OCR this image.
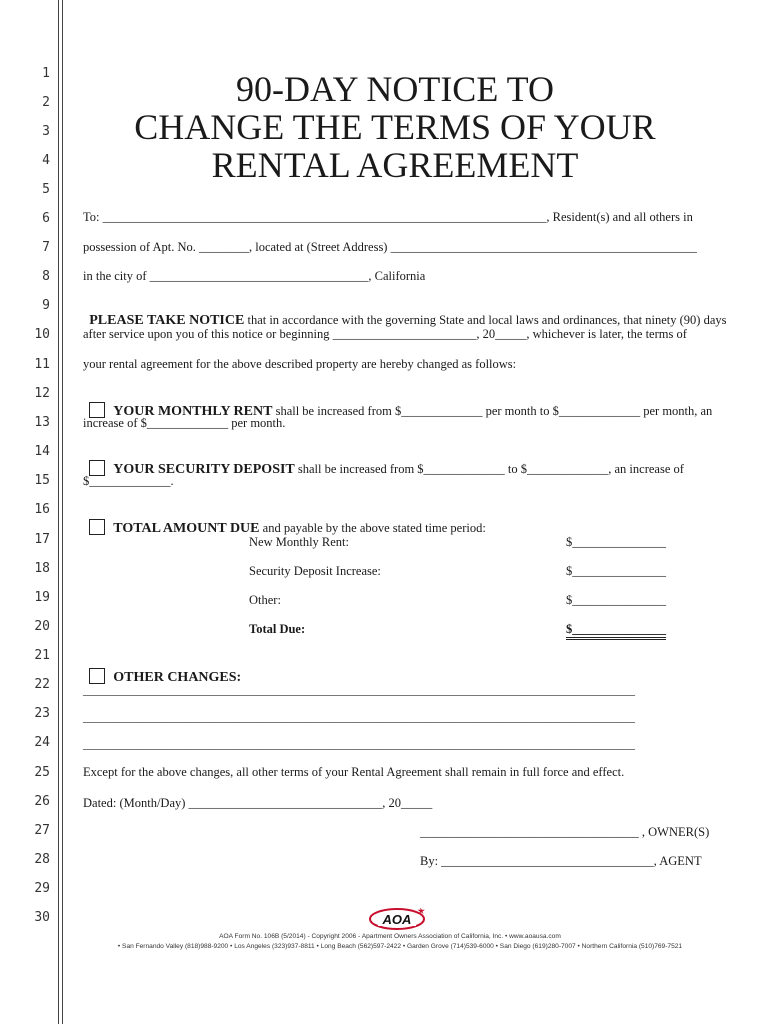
1
2
3
4
5
6
7
8
9
10
11
12
13
14
15
16
17
18
19
20
21
22
23
24
25
26
27
28
29
30
90-DAY NOTICE TO
CHANGE THE TERMS OF YOUR
RENTAL AGREEMENT
To: _______________________________________________________________________, Resident(s) and all others in
possession of Apt. No. ________, located at (Street Address) _________________________________________________
in the city of ___________________________________, California

PLEASE TAKE NOTICE that in accordance with the governing State and local laws and ordinances, that ninety (90) days

after service upon you of this notice or beginning _______________________, 20_____, whichever is later, the terms of
your rental agreement for the above described property are hereby changed as follows:

YOUR MONTHLY RENT shall be increased from $_____________ per month to $_____________ per month, an

increase of $_____________ per month.

YOUR SECURITY DEPOSIT shall be increased from $_____________ to $_____________, an increase of

$_____________.

TOTAL AMOUNT DUE and payable by the above stated time period:

New Monthly Rent:	$_______________
Security Deposit Increase:	$_______________
Other:	$_______________
Total Due:	$_______________

OTHER CHANGES:

____________________________________________________________________________________________
____________________________________________________________________________________________
____________________________________________________________________________________________
Except for the above changes, all other terms of your Rental Agreement shall remain in full force and effect.
Dated: (Month/Day) _______________________________, 20_____
___________________________________ , OWNER(S)
By: __________________________________, AGENT
AOA
AOA Form No. 106B (5/2014) - Copyright 2006 - Apartment Owners Association of California, Inc. • www.aoausa.com
• San Fernando Valley (818)988-9200 • Los Angeles (323)937-8811 • Long Beach (562)597-2422 • Garden Grove (714)539-6000 • San Diego (619)280-7007 • Northern California (510)769-7521
